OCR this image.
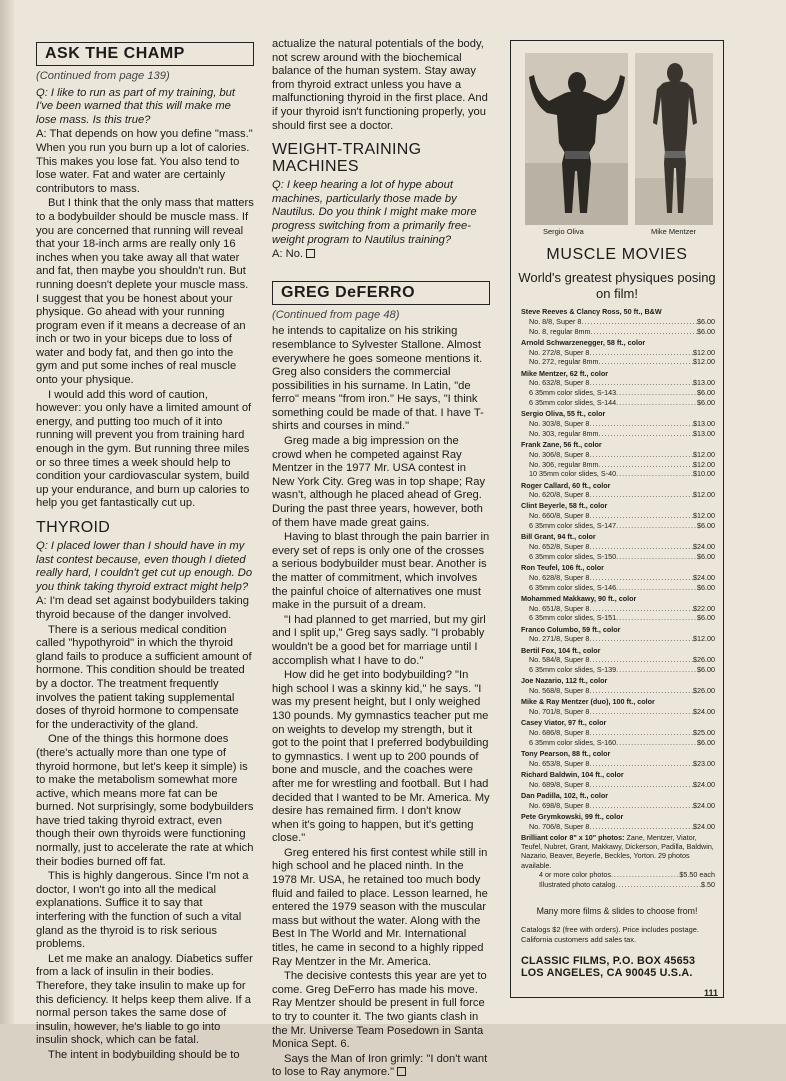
ASK THE CHAMP

(Continued from page 139)

Q: I like to run as part of my training, but I've been warned that this will make me lose mass. Is this true?

A: That depends on how you define "mass." When you run you burn up a lot of calories. This makes you lose fat. You also tend to lose water. Fat and water are certainly contributors to mass.

But I think that the only mass that matters to a bodybuilder should be muscle mass. If you are concerned that running will reveal that your 18-inch arms are really only 16 inches when you take away all that water and fat, then maybe you shouldn't run. But running doesn't deplete your muscle mass. I suggest that you be honest about your physique. Go ahead with your running program even if it means a decrease of an inch or two in your biceps due to loss of water and body fat, and then go into the gym and put some inches of real muscle onto your physique.

I would add this word of caution, however: you only have a limited amount of energy, and putting too much of it into running will prevent you from training hard enough in the gym. But running three miles or so three times a week should help to condition your cardiovascular system, build up your endurance, and burn up calories to help you get fantastically cut up.

THYROID

Q: I placed lower than I should have in my last contest because, even though I dieted really hard, I couldn't get cut up enough. Do you think taking thyroid extract might help?

A: I'm dead set against bodybuilders taking thyroid because of the danger involved.

There is a serious medical condition called "hypothyroid" in which the thyroid gland fails to produce a sufficient amount of hormone. This condition should be treated by a doctor. The treatment frequently involves the patient taking supplemental doses of thyroid hormone to compensate for the underactivity of the gland.

One of the things this hormone does (there's actually more than one type of thyroid hormone, but let's keep it simple) is to make the metabolism somewhat more active, which means more fat can be burned. Not surprisingly, some bodybuilders have tried taking thyroid extract, even though their own thyroids were functioning normally, just to accelerate the rate at which their bodies burned off fat.

This is highly dangerous. Since I'm not a doctor, I won't go into all the medical explanations. Suffice it to say that interfering with the function of such a vital gland as the thyroid is to risk serious problems.

Let me make an analogy. Diabetics suffer from a lack of insulin in their bodies. Therefore, they take insulin to make up for this deficiency. It helps keep them alive. If a normal person takes the same dose of insulin, however, he's liable to go into insulin shock, which can be fatal.

The intent in bodybuilding should be to

actualize the natural potentials of the body, not screw around with the biochemical balance of the human system. Stay away from thyroid extract unless you have a malfunctioning thyroid in the first place. And if your thyroid isn't functioning properly, you should first see a doctor.

WEIGHT-TRAINING MACHINES

Q: I keep hearing a lot of hype about machines, particularly those made by Nautilus. Do you think I might make more progress switching from a primarily free-weight program to Nautilus training?

A: No.

GREG DeFERRO

(Continued from page 48)

he intends to capitalize on his striking resemblance to Sylvester Stallone. Almost everywhere he goes someone mentions it. Greg also considers the commercial possibilities in his surname. In Latin, "de ferro" means "from iron." He says, "I think something could be made of that. I have T-shirts and courses in mind."

Greg made a big impression on the crowd when he competed against Ray Mentzer in the 1977 Mr. USA contest in New York City. Greg was in top shape; Ray wasn't, although he placed ahead of Greg. During the past three years, however, both of them have made great gains.

Having to blast through the pain barrier in every set of reps is only one of the crosses a serious bodybuilder must bear. Another is the matter of commitment, which involves the painful choice of alternatives one must make in the pursuit of a dream.

"I had planned to get married, but my girl and I split up," Greg says sadly. "I probably wouldn't be a good bet for marriage until I accomplish what I have to do."

How did he get into bodybuilding? "In high school I was a skinny kid," he says. "I was my present height, but I only weighed 130 pounds. My gymnastics teacher put me on weights to develop my strength, but it got to the point that I preferred bodybuilding to gymnastics. I went up to 200 pounds of bone and muscle, and the coaches were after me for wrestling and football. But I had decided that I wanted to be Mr. America. My desire has remained firm. I don't know when it's going to happen, but it's getting close."

Greg entered his first contest while still in high school and he placed ninth. In the 1978 Mr. USA, he retained too much body fluid and failed to place. Lesson learned, he entered the 1979 season with the muscular mass but without the water. Along with the Best In The World and Mr. International titles, he came in second to a highly ripped Ray Mentzer in the Mr. America.

The decisive contests this year are yet to come. Greg DeFerro has made his move. Ray Mentzer should be present in full force to try to counter it. The two giants clash in the Mr. Universe Team Posedown in Santa Monica Sept. 6.

Says the Man of Iron grimly: "I don't want to lose to Ray anymore."

Sergio Oliva	Mike Mentzer
MUSCLE MOVIES
World's greatest physiques posing on film!
Steve Reeves & Clancy Ross, 50 ft., B&W
No. 8/8, Super 8 .....	$6.00
No. 8, regular 8mm .....	$6.00
Arnold Schwarzenegger, 58 ft., color
No. 272/8, Super 8 .....	$12.00
No. 272, regular 8mm .....	$12.00
Mike Mentzer, 62 ft., color
No. 632/8, Super 8 .....	$13.00
6 35mm color slides, S-143 .....	$6.00
6 35mm color slides, S-144 .....	$6.00
Sergio Oliva, 55 ft., color
No. 303/8, Super 8 .....	$13.00
No. 303, regular 8mm .....	$13.00
Frank Zane, 56 ft., color
No. 306/8, Super 8 .....	$12.00
No. 306, regular 8mm .....	$12.00
10 35mm color slides, S-40 .....	$10.00
Roger Callard, 60 ft., color
No. 620/8, Super 8 .....	$12.00
Clint Beyerle, 58 ft., color
No. 660/8, Super 8 .....	$12.00
6 35mm color slides, S-147 .....	$6.00
Bill Grant, 94 ft., color
No. 652/8, Super 8 .....	$24.00
6 35mm color slides, S-150 .....	$6.00
Ron Teufel, 106 ft., color
No. 628/8, Super 8 .....	$24.00
6 35mm color slides, S-146 .....	$6.00
Mohammed Makkawy, 90 ft., color
No. 651/8, Super 8 .....	$22.00
6 35mm color slides, S-151 .....	$6.00
Franco Columbo, 59 ft., color
No. 271/8, Super 8 .....	$12.00
Bertil Fox, 104 ft., color
No. 584/8, Super 8 .....	$26.00
6 35mm color slides, S-139 .....	$6.00
Joe Nazario, 112 ft., color
No. 568/8, Super 8 .....	$26.00
Mike & Ray Mentzer (duo), 100 ft., color
No. 701/8, Super 8 .....	$24.00
Casey Viator, 97 ft., color
No. 686/8, Super 8 .....	$25.00
6 35mm color slides, S-160 .....	$6.00
Tony Pearson, 88 ft., color
No. 653/8, Super 8 .....	$23.00
Richard Baldwin, 104 ft., color
No. 689/8, Super 8 .....	$24.00
Dan Padilla, 102, ft., color
No. 698/8, Super 8 .....	$24.00
Pete Grymkowski, 99 ft., color
No. 706/8, Super 8 .....	$24.00
Brilliant color 8" x 10" photos: Zane, Mentzer, Viator, Teufel, Nubret, Grant, Makkawy, Dickerson, Padilla, Baldwin, Nazario, Beaver, Beyerle, Beckles, Yorton. 29 photos available.
4 or more color photos .....	$5.50 each
Illustrated photo catalog .....	$.50
Many more films & slides to choose from!
Catalogs $2 (free with orders). Price includes postage. California customers add sales tax.
CLASSIC FILMS, P.O. BOX 45653
LOS ANGELES, CA 90045 U.S.A.
111
